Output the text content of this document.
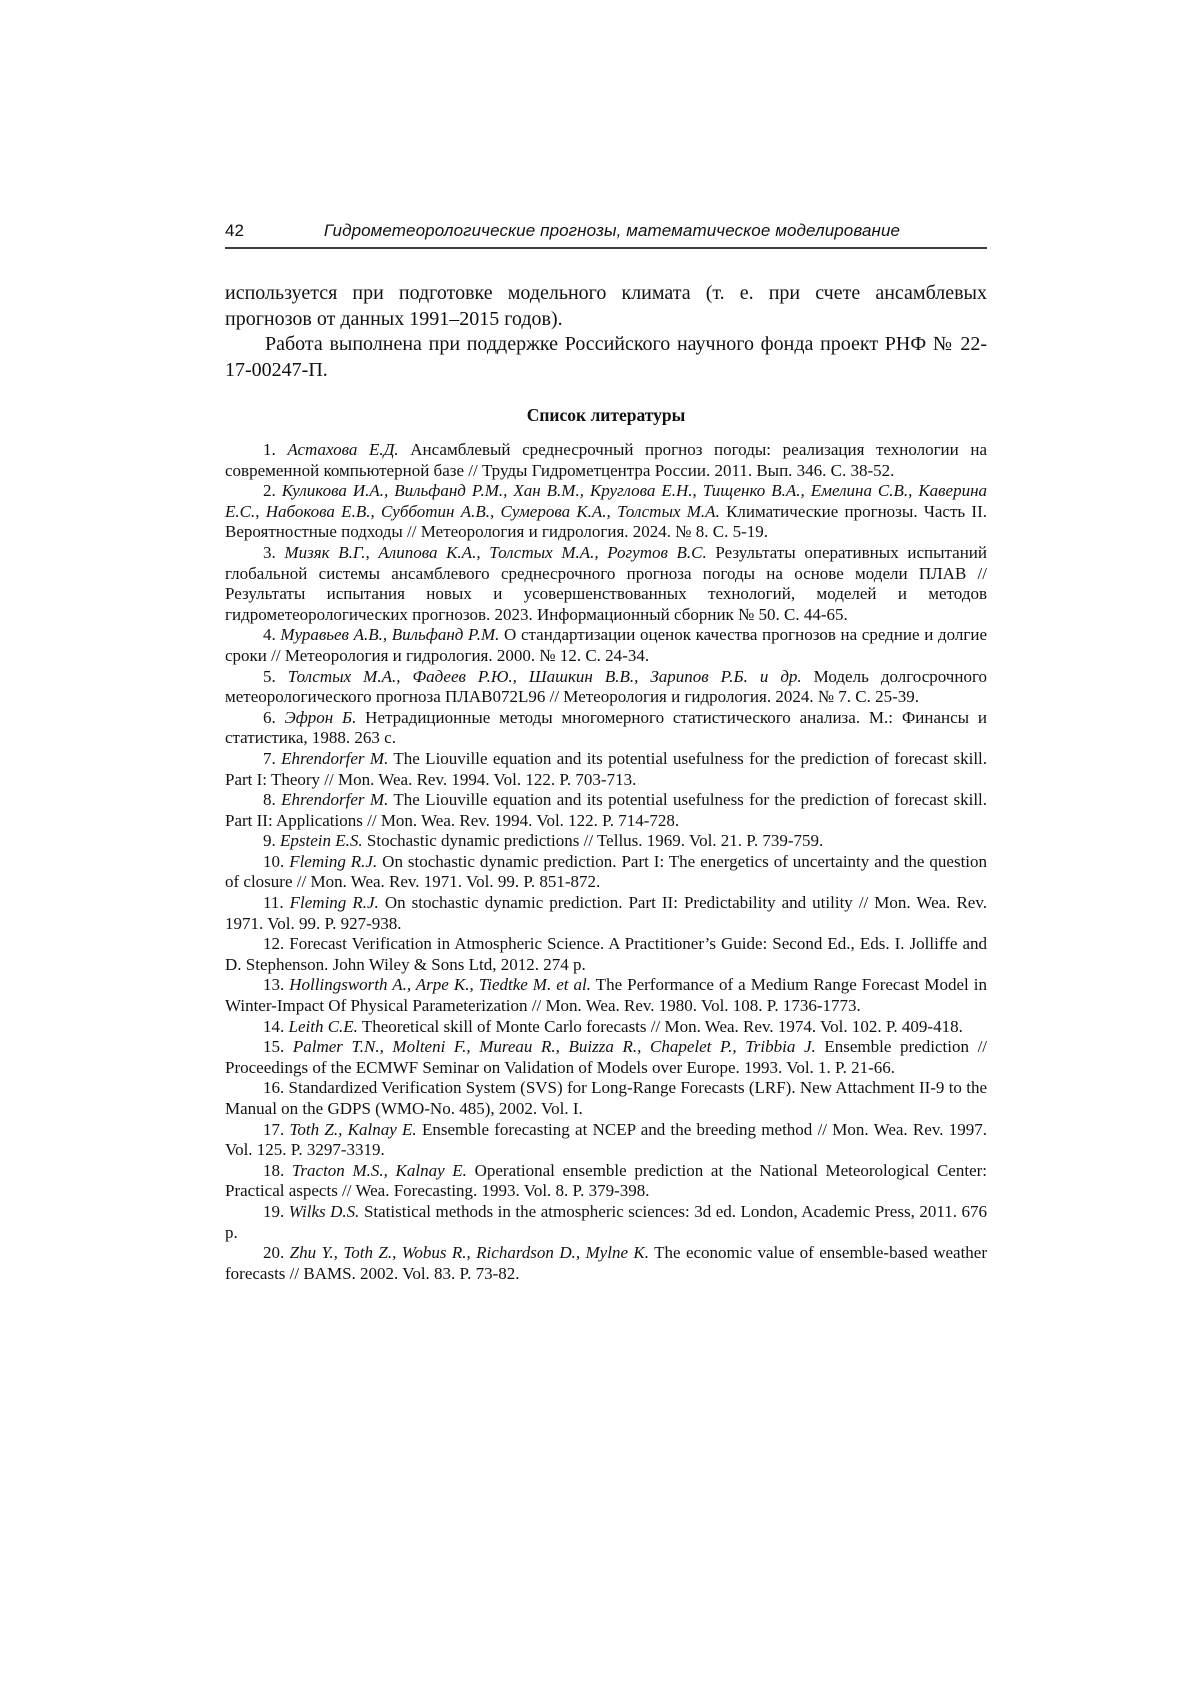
42	Гидрометеорологические прогнозы, математическое моделирование

используется при подготовке модельного климата (т. е. при счете ансамблевых прогнозов от данных 1991–2015 годов).

Работа выполнена при поддержке Российского научного фонда проект РНФ № 22-17-00247-П.

Список литературы

1. Астахова Е.Д. Ансамблевый среднесрочный прогноз погоды: реализация технологии на современной компьютерной базе // Труды Гидрометцентра России. 2011. Вып. 346. С. 38-52.

2. Куликова И.А., Вильфанд Р.М., Хан В.М., Круглова Е.Н., Тищенко В.А., Емелина С.В., Каверина Е.С., Набокова Е.В., Субботин А.В., Сумерова К.А., Толстых М.А. Климатические прогнозы. Часть II. Вероятностные подходы // Метеорология и гидрология. 2024. № 8. С. 5-19.

3. Мизяк В.Г., Алипова К.А., Толстых М.А., Рогутов В.С. Результаты оперативных испытаний глобальной системы ансамблевого среднесрочного прогноза погоды на основе модели ПЛАВ // Результаты испытания новых и усовершенствованных технологий, моделей и методов гидрометеорологических прогнозов. 2023. Информационный сборник № 50. С. 44-65.

4. Муравьев А.В., Вильфанд Р.М. О стандартизации оценок качества прогнозов на средние и долгие сроки // Метеорология и гидрология. 2000. № 12. С. 24-34.

5. Толстых М.А., Фадеев Р.Ю., Шашкин В.В., Зарипов Р.Б. и др. Модель долгосрочного метеорологического прогноза ПЛАВ072L96 // Метеорология и гидрология. 2024. № 7. С. 25-39.

6. Эфрон Б. Нетрадиционные методы многомерного статистического анализа. М.: Финансы и статистика, 1988. 263 с.

7. Ehrendorfer M. The Liouville equation and its potential usefulness for the prediction of forecast skill. Part I: Theory // Mon. Wea. Rev. 1994. Vol. 122. P. 703-713.

8. Ehrendorfer M. The Liouville equation and its potential usefulness for the prediction of forecast skill. Part II: Applications // Mon. Wea. Rev. 1994. Vol. 122. P. 714-728.

9. Epstein E.S. Stochastic dynamic predictions // Tellus. 1969. Vol. 21. P. 739-759.

10. Fleming R.J. On stochastic dynamic prediction. Part I: The energetics of uncertainty and the question of closure // Mon. Wea. Rev. 1971. Vol. 99. P. 851-872.

11. Fleming R.J. On stochastic dynamic prediction. Part II: Predictability and utility // Mon. Wea. Rev. 1971. Vol. 99. P. 927-938.

12. Forecast Verification in Atmospheric Science. A Practitioner’s Guide: Second Ed., Eds. I. Jolliffe and D. Stephenson. John Wiley & Sons Ltd, 2012. 274 p.

13. Hollingsworth A., Arpe K., Tiedtke M. et al. The Performance of a Medium Range Forecast Model in Winter-Impact Of Physical Parameterization // Mon. Wea. Rev. 1980. Vol. 108. P. 1736-1773.

14. Leith C.E. Theoretical skill of Monte Carlo forecasts // Mon. Wea. Rev. 1974. Vol. 102. P. 409-418.

15. Palmer T.N., Molteni F., Mureau R., Buizza R., Chapelet P., Tribbia J. Ensemble prediction // Proceedings of the ECMWF Seminar on Validation of Models over Europe. 1993. Vol. 1. P. 21-66.

16. Standardized Verification System (SVS) for Long-Range Forecasts (LRF). New Attachment II-9 to the Manual on the GDPS (WMO-No. 485), 2002. Vol. I.

17. Toth Z., Kalnay E. Ensemble forecasting at NCEP and the breeding method // Mon. Wea. Rev. 1997. Vol. 125. P. 3297-3319.

18. Tracton M.S., Kalnay E. Operational ensemble prediction at the National Meteorological Center: Practical aspects // Wea. Forecasting. 1993. Vol. 8. P. 379-398.

19. Wilks D.S. Statistical methods in the atmospheric sciences: 3d ed. London, Academic Press, 2011. 676 p.

20. Zhu Y., Toth Z., Wobus R., Richardson D., Mylne K. The economic value of ensemble-based weather forecasts // BAMS. 2002. Vol. 83. P. 73-82.
